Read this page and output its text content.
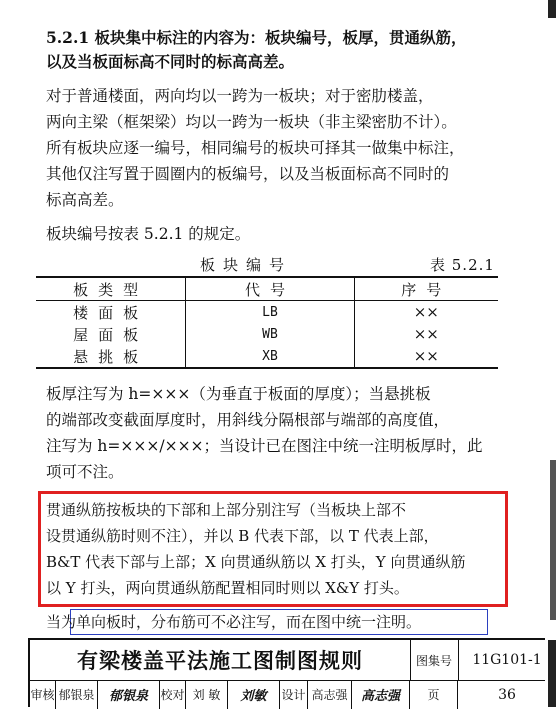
5.2.1 板块集中标注的内容为：板块编号，板厚，贯通纵筋，
以及当板面标高不同时的标高高差。
对于普通楼面，两向均以一跨为一板块；对于密肋楼盖，
两向主梁（框架梁）均以一跨为一板块（非主梁密肋不计）。
所有板块应逐一编号，相同编号的板块可择其一做集中标注，
其他仅注写置于圆圈内的板编号，以及当板面标高不同时的
标高高差。
板块编号按表 5.2.1 的规定。
板块编号	表 5.2.1
板类型	代号	序号
楼面板	LB	××
屋面板	WB	××
悬挑板	XB	××
板厚注写为 h=×××（为垂直于板面的厚度）；当悬挑板
的端部改变截面厚度时，用斜线分隔根部与端部的高度值，
注写为 h=×××/×××；当设计已在图注中统一注明板厚时，此
项可不注。
贯通纵筋按板块的下部和上部分别注写（当板块上部不
设贯通纵筋时则不注），并以 B 代表下部，以 T 代表上部，
B&T 代表下部与上部；X 向贯通纵筋以 X 打头，Y 向贯通纵筋
以 Y 打头，两向贯通纵筋配置相同时则以 X&Y 打头。
当为单向板时，分布筋可不必注写，而在图中统一注明。
有梁楼盖平法施工图制图规则	图集号	11G101-1
审核 郁银泉	郁银泉	校对 刘 敏	刘敏	设计 高志强	高志强	页	36
